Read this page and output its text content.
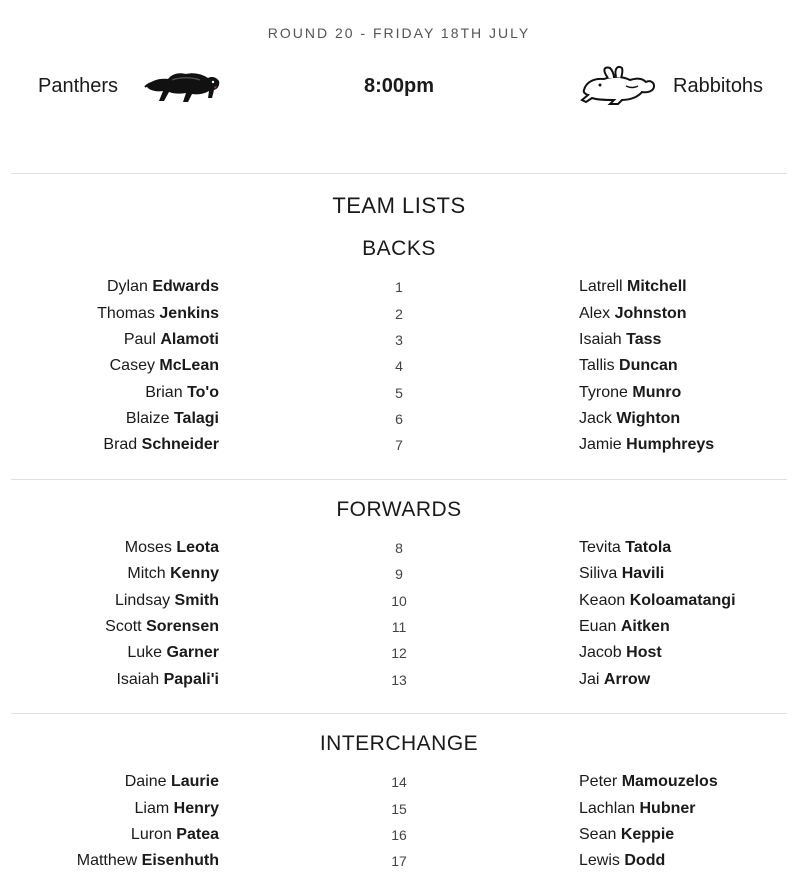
ROUND 20 - FRIDAY 18TH JULY
Panthers	8:00pm	Rabbitohs
TEAM LISTS
BACKS
Dylan Edwards	1	Latrell Mitchell
Thomas Jenkins	2	Alex Johnston
Paul Alamoti	3	Isaiah Tass
Casey McLean	4	Tallis Duncan
Brian To'o	5	Tyrone Munro
Blaize Talagi	6	Jack Wighton
Brad Schneider	7	Jamie Humphreys
FORWARDS
Moses Leota	8	Tevita Tatola
Mitch Kenny	9	Siliva Havili
Lindsay Smith	10	Keaon Koloamatangi
Scott Sorensen	11	Euan Aitken
Luke Garner	12	Jacob Host
Isaiah Papali'i	13	Jai Arrow
INTERCHANGE
Daine Laurie	14	Peter Mamouzelos
Liam Henry	15	Lachlan Hubner
Luron Patea	16	Sean Keppie
Matthew Eisenhuth	17	Lewis Dodd
